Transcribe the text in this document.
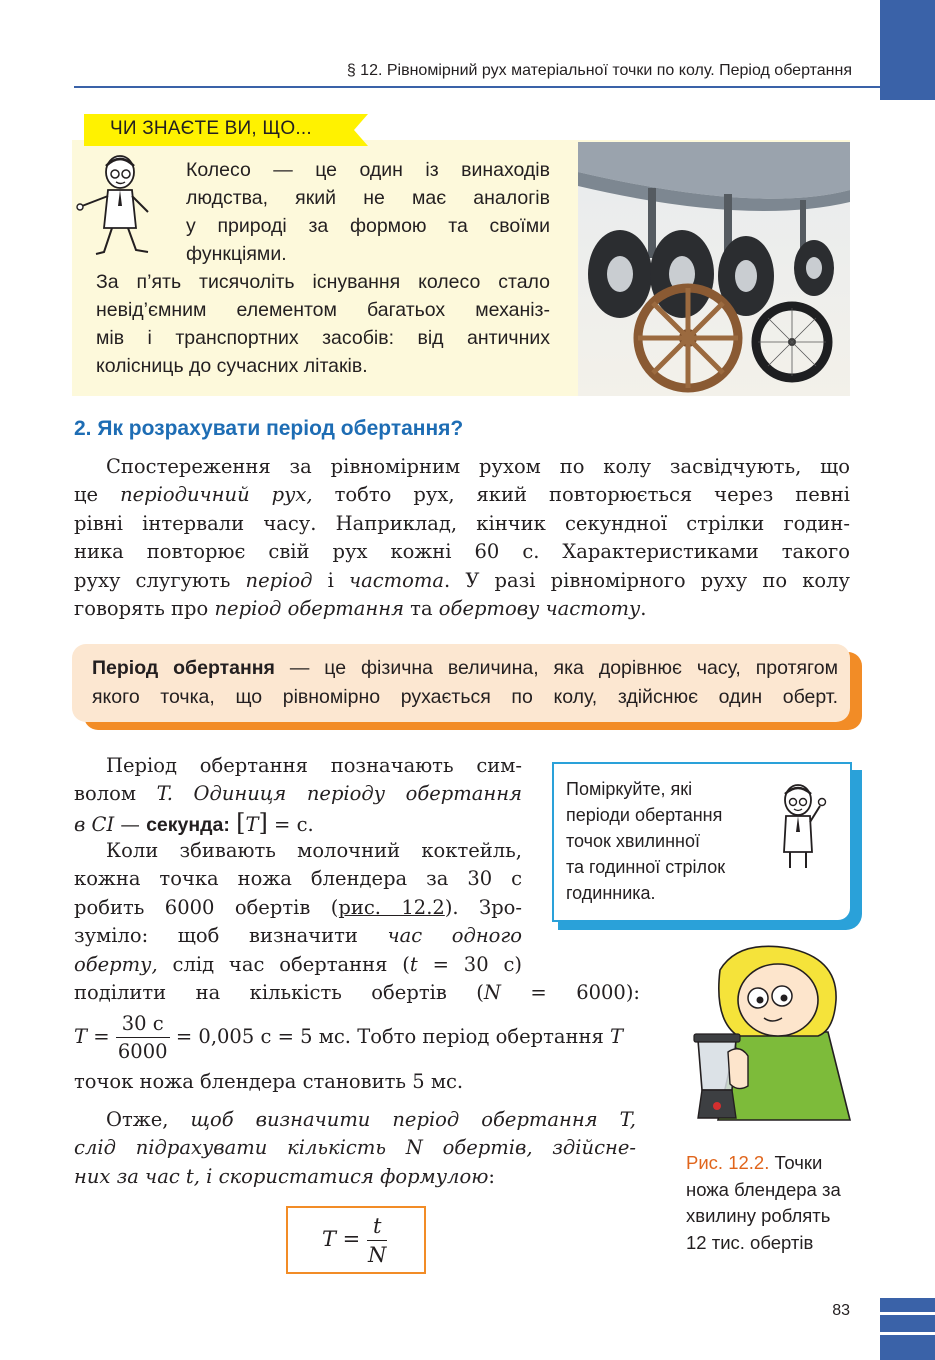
§ 12. Рівномірний рух матеріальної точки по колу. Період обертання
ЧИ ЗНАЄТЕ ВИ, ЩО...
Колесо — це один із винаходів
людства, який не має аналогів
у природі за формою та своїми
функціями.
За п’ять тисячоліть існування колесо стало
невід’ємним елементом багатьох механіз-
мів і транспортних засобів: від античних
колісниць до сучасних літаків.
2. Як розрахувати період обертання?
Спостереження за рівномірним рухом по колу засвідчують, що
це періодичний рух, тобто рух, який повторюється через певні
рівні інтервали часу. Наприклад, кінчик секундної стрілки годин-
ника повторює свій рух кожні 60 с. Характеристиками такого
руху слугують період і частота. У разі рівномірного руху по колу
говорять про період обертання та обертову частоту.
Період обертання — це фізична величина, яка дорівнює часу, протягом
якого точка, що рівномірно рухається по колу, здійснює один оберт.
Період обертання позначають сим-
волом T. Одиниця періоду обертання
в СІ — секунда: [T] = с.
Коли збивають молочний коктейль,
кожна точка ножа блендера за 30 с
робить 6000 обертів (рис. 12.2). Зро-
зуміло: щоб визначити час одного
оберту, слід час обертання (t = 30 с)
поділити на кількість обертів (N = 6000):
$T = \frac{30 с}{6000} = 0,005$ с = 5 мс. Тобто період обертання T
точок ножа блендера становить 5 мс.
Отже, щоб визначити період обертання T,
слід підрахувати кількість N обертів, здійсне-
них за час t, і скористатися формулою:
$T = \frac{t}{N}$
Поміркуйте, які
періоди обертання
точок хвилинної
та годинної стрілок
годинника.
Рис. 12.2. Точки ножа блендера за хвилину роблять 12 тис. обертів
83
